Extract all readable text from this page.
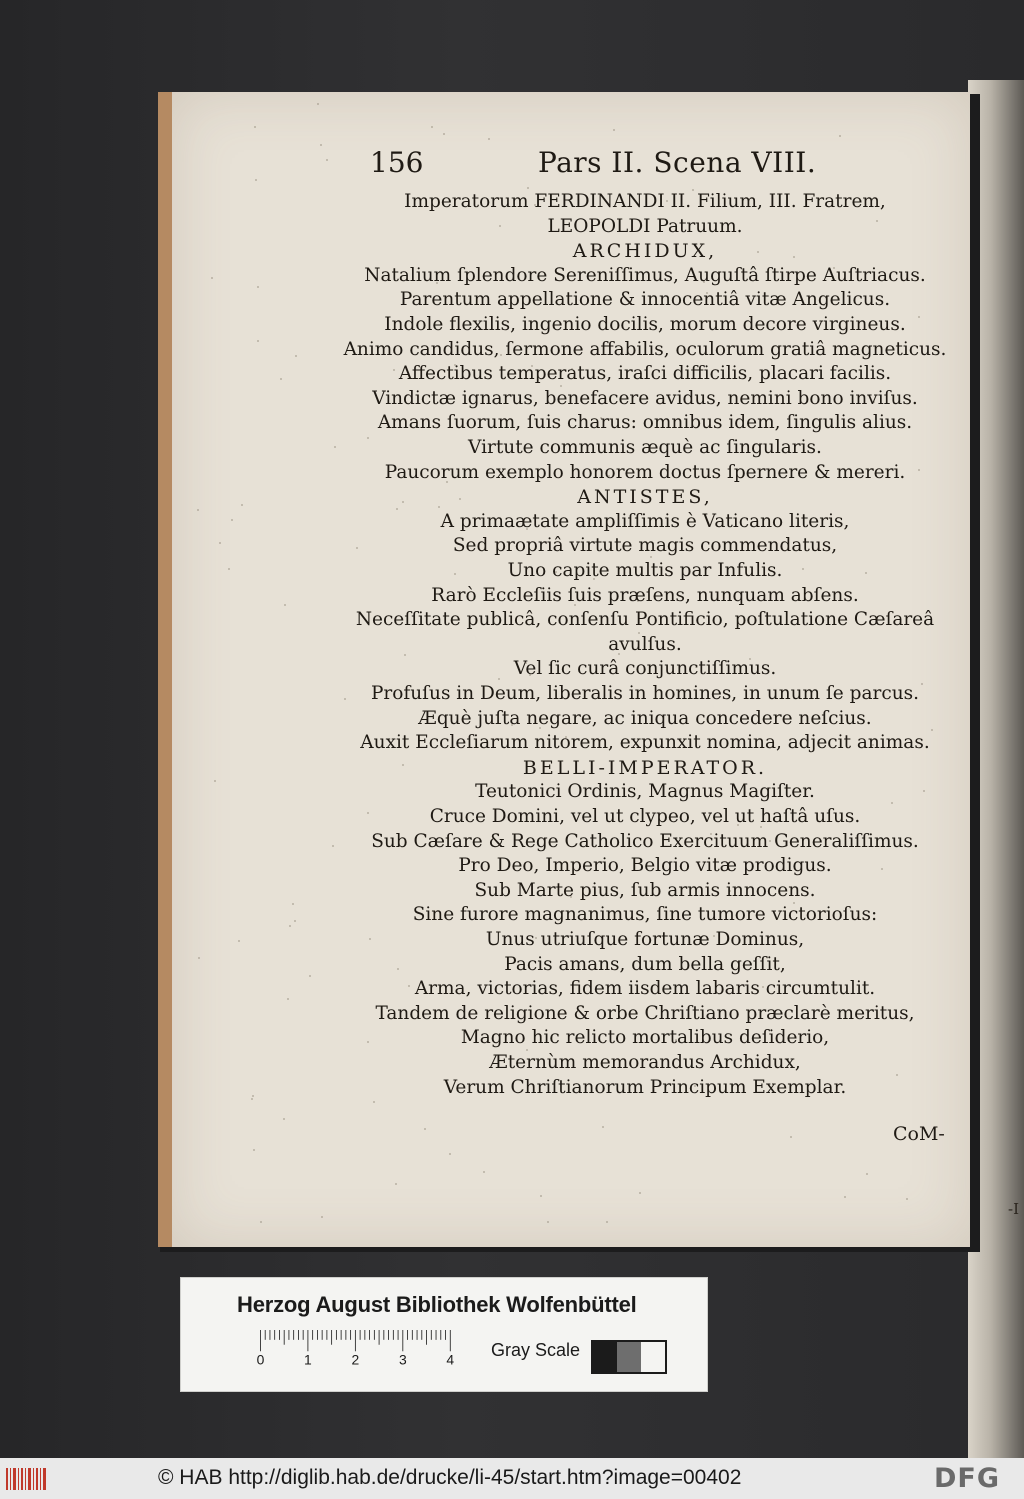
-I
156	Pars II. Scena VIII.
Imperatorum FERDINANDI II. Filium, III. Fratrem,
LEOPOLDI Patruum.
ARCHIDUX,
Natalium ſplendore Sereniſſimus, Auguſtâ ſtirpe Auſtriacus.
Parentum appellatione & innocentiâ vitæ Angelicus.
Indole flexilis, ingenio docilis, morum decore virgineus.
Animo candidus, ſermone affabilis, oculorum gratiâ magneticus.
Affectibus temperatus, iraſci difficilis, placari facilis.
Vindictæ ignarus, benefacere avidus, nemini bono inviſus.
Amans ſuorum, ſuis charus: omnibus idem, ſingulis alius.
Virtute communis æquè ac ſingularis.
Paucorum exemplo honorem doctus ſpernere & mereri.
ANTISTES,
A primaætate ampliſſimis è Vaticano literis,
Sed propriâ virtute magis commendatus,
Uno capite multis par Infulis.
Rarò Eccleſiis ſuis præſens, nunquam abſens.
Neceſſitate publicâ, conſenſu Pontificio, poſtulatione Cæſareâ
avulſus.
Vel ſic curâ conjunctiſſimus.
Profuſus in Deum, liberalis in homines, in unum ſe parcus.
Æquè juſta negare, ac iniqua concedere neſcius.
Auxit Eccleſiarum nitorem, expunxit nomina, adjecit animas.
BELLI-IMPERATOR.
Teutonici Ordinis, Magnus Magiſter.
Cruce Domini, vel ut clypeo, vel ut haſtâ uſus.
Sub Cæſare & Rege Catholico Exercituum Generaliſſimus.
Pro Deo, Imperio, Belgio vitæ prodigus.
Sub Marte pius, ſub armis innocens.
Sine furore magnanimus, ſine tumore victorioſus:
Unus utriuſque fortunæ Dominus,
Pacis amans, dum bella geſſit,
Arma, victorias, fidem iisdem labaris circumtulit.
Tandem de religione & orbe Chriſtiano præclarè meritus,
Magno hic relicto mortalibus deſiderio,
Æternùm memorandus Archidux,
Verum Chriſtianorum Principum Exemplar.
CoM-
Herzog August Bibliothek Wolfenbüttel
0 1 2 3 4 Gray Scale
© HAB http://diglib.hab.de/drucke/li-45/start.htm?image=00402	DFG
